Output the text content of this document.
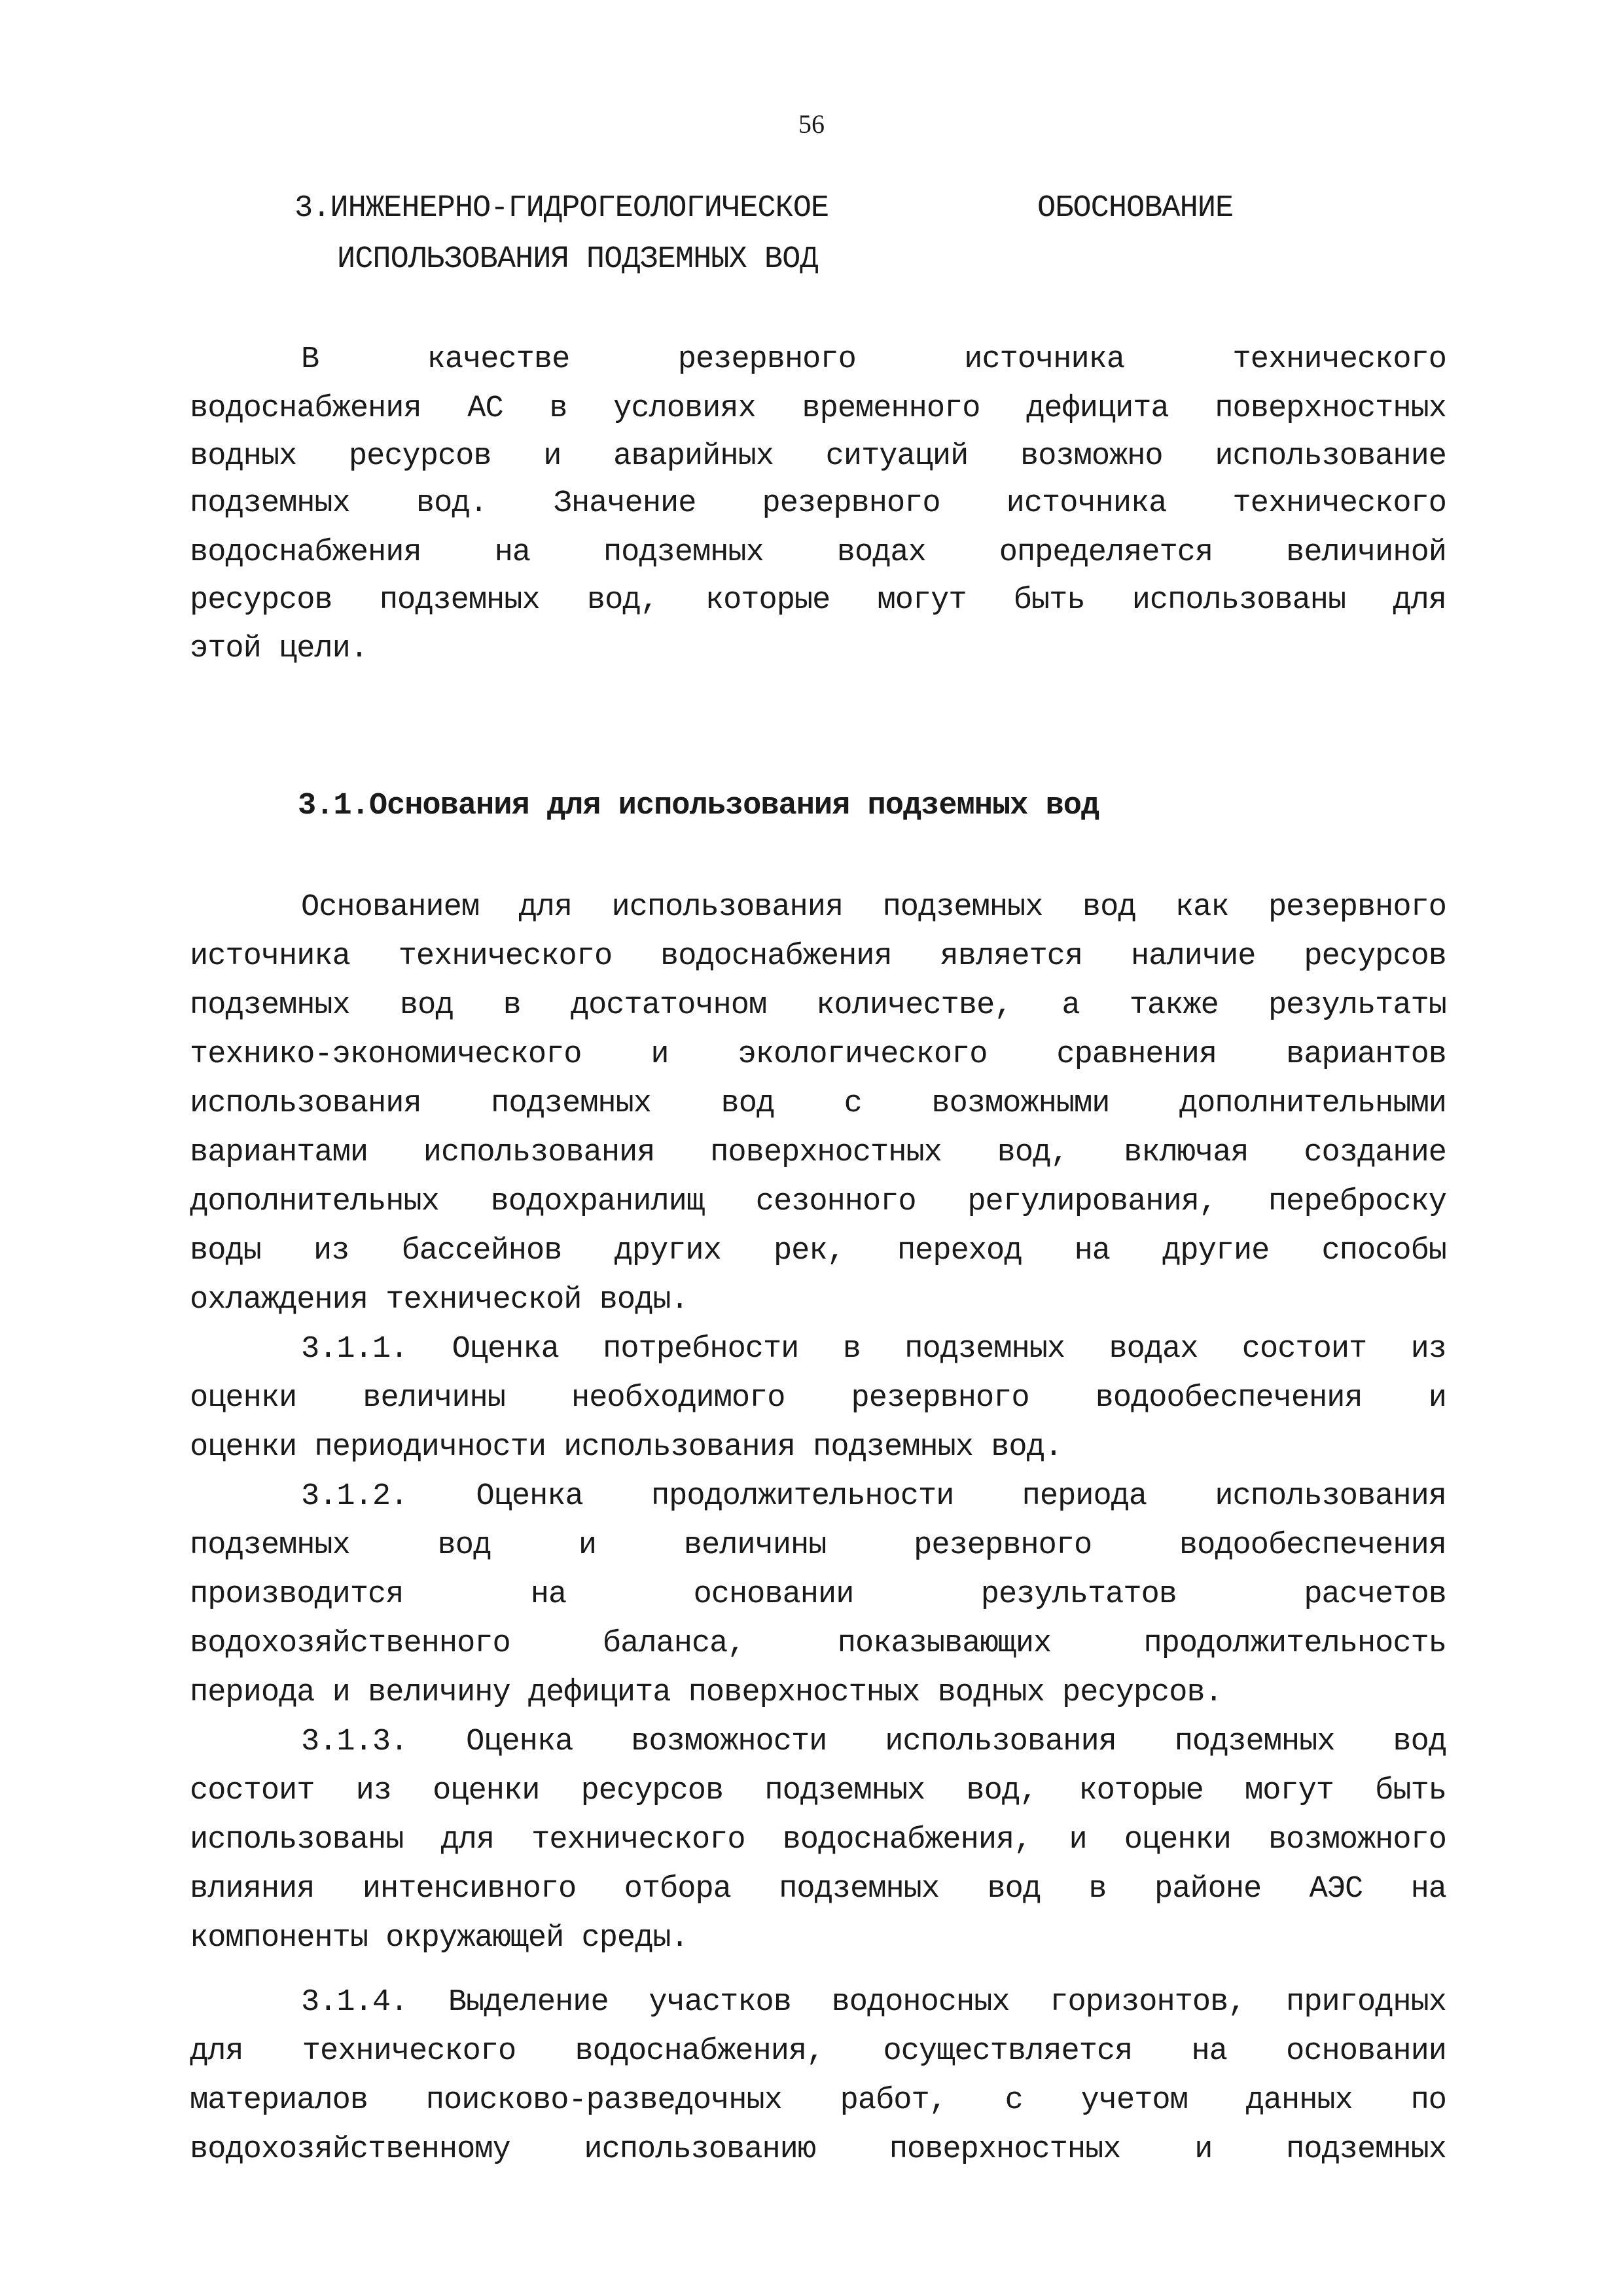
56
3.ИНЖЕНЕРНО-ГИДРОГЕОЛОГИЧЕСКОЕ	ОБОСНОВАНИЕ
ИСПОЛЬЗОВАНИЯ ПОДЗЕМНЫХ ВОД
В качестве резервного источника технического
водоснабжения АС в условиях временного дефицита поверхностных
водных ресурсов и аварийных ситуаций возможно использование
подземных вод. Значение резервного источника технического
водоснабжения на подземных водах определяется величиной
ресурсов подземных вод, которые могут быть использованы для
этой цели.
3.1.Основания для использования подземных вод
Основанием для использования подземных вод как резервного
источника технического водоснабжения является наличие ресурсов
подземных вод в достаточном количестве, а также результаты
технико-экономического и экологического сравнения вариантов
использования подземных вод с возможными дополнительными
вариантами использования поверхностных вод, включая создание
дополнительных водохранилищ сезонного регулирования, переброску
воды из бассейнов других рек, переход на другие способы
охлаждения технической воды.
3.1.1. Оценка потребности в подземных водах состоит из
оценки величины необходимого резервного водообеспечения и
оценки периодичности использования подземных вод.
3.1.2. Оценка продолжительности периода использования
подземных вод и величины резервного водообеспечения
производится на основании результатов расчетов
водохозяйственного баланса, показывающих продолжительность
периода и величину дефицита поверхностных водных ресурсов.
3.1.3. Оценка возможности использования подземных вод
состоит из оценки ресурсов подземных вод, которые могут быть
использованы для технического водоснабжения, и оценки возможного
влияния интенсивного отбора подземных вод в районе АЭС на
компоненты окружающей среды.
3.1.4. Выделение участков водоносных горизонтов, пригодных
для технического водоснабжения, осуществляется на основании
материалов поисково-разведочных работ, с учетом данных по
водохозяйственному использованию поверхностных и подземных
